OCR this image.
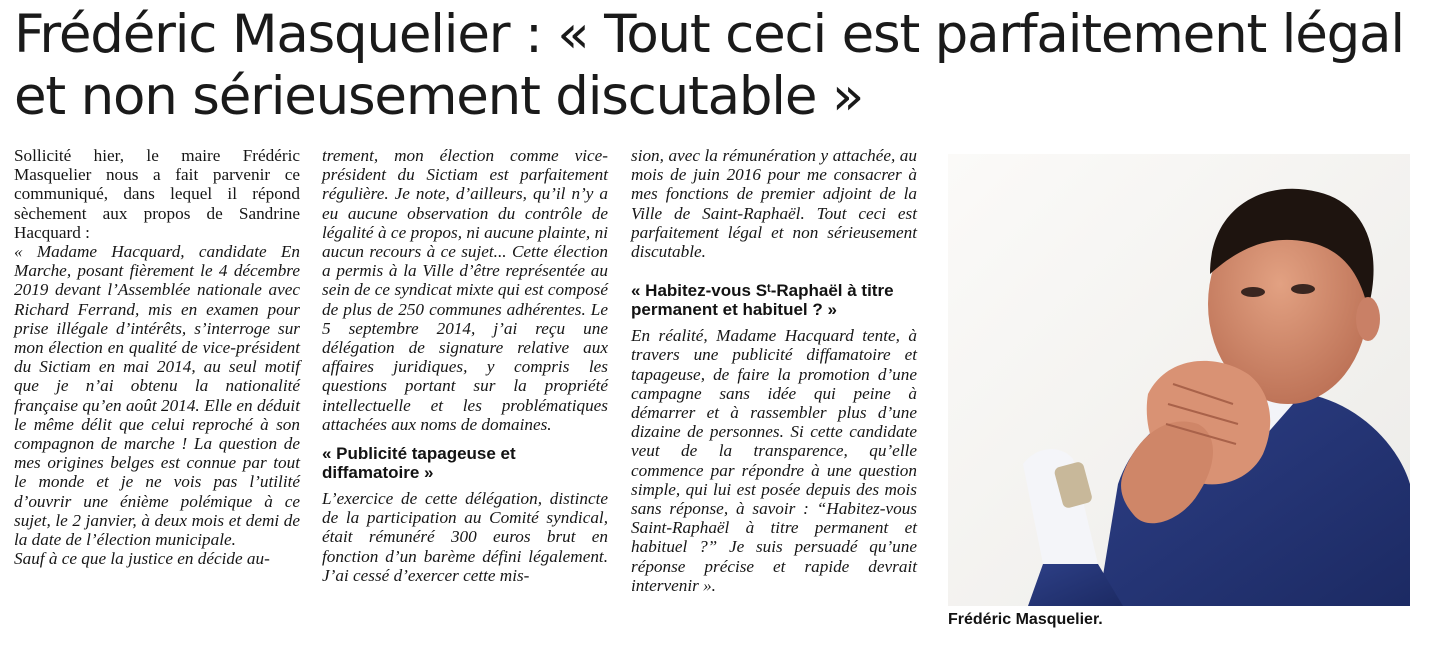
Frédéric Masquelier : « Tout ceci est parfaitement légal et non sérieusement discutable »

Sollicité hier, le maire Frédéric Masquelier nous a fait parvenir ce communiqué, dans lequel il répond sèchement aux propos de Sandrine Hacquard :

« Madame Hacquard, candidate En Marche, posant fièrement le 4 décembre 2019 devant l’Assemblée nationale avec Richard Ferrand, mis en examen pour prise illégale d’intérêts, s’interroge sur mon élection en qualité de vice-président du Sictiam en mai 2014, au seul motif que je n’ai obtenu la nationalité française qu’en août 2014. Elle en déduit le même délit que celui reproché à son compagnon de marche ! La question de mes origines belges est connue par tout le monde et je ne vois pas l’utilité d’ouvrir une énième polémique à ce sujet, le 2 janvier, à deux mois et demi de la date de l’élection municipale.

Sauf à ce que la justice en décide au-

trement, mon élection comme vice-président du Sictiam est parfaitement régulière. Je note, d’ailleurs, qu’il n’y a eu aucune observation du contrôle de légalité à ce propos, ni aucune plainte, ni aucun recours à ce sujet... Cette élection a permis à la Ville d’être représentée au sein de ce syndicat mixte qui est composé de plus de 250 communes adhérentes. Le 5 septembre 2014, j’ai reçu une délégation de signature relative aux affaires juridiques, y compris les questions portant sur la propriété intellectuelle et les problématiques attachées aux noms de domaines.

« Publicité tapageuse et diffamatoire »

L’exercice de cette délégation, distincte de la participation au Comité syndical, était rémunéré 300 euros brut en fonction d’un barème défini légalement. J’ai cessé d’exercer cette mis-

sion, avec la rémunération y attachée, au mois de juin 2016 pour me consacrer à mes fonctions de premier adjoint de la Ville de Saint-Raphaël. Tout ceci est parfaitement légal et non sérieusement discutable.

« Habitez-vous Sᵗ-Raphaël à titre permanent et habituel ? »

En réalité, Madame Hacquard tente, à travers une publicité diffamatoire et tapageuse, de faire la promotion d’une campagne sans idée qui peine à démarrer et à rassembler plus d’une dizaine de personnes. Si cette candidate veut de la transparence, qu’elle commence par répondre à une question simple, qui lui est posée depuis des mois sans réponse, à savoir : “Habitez-vous Saint-Raphaël à titre permanent et habituel ?” Je suis persuadé qu’une réponse précise et rapide devrait intervenir ».

Frédéric Masquelier.
